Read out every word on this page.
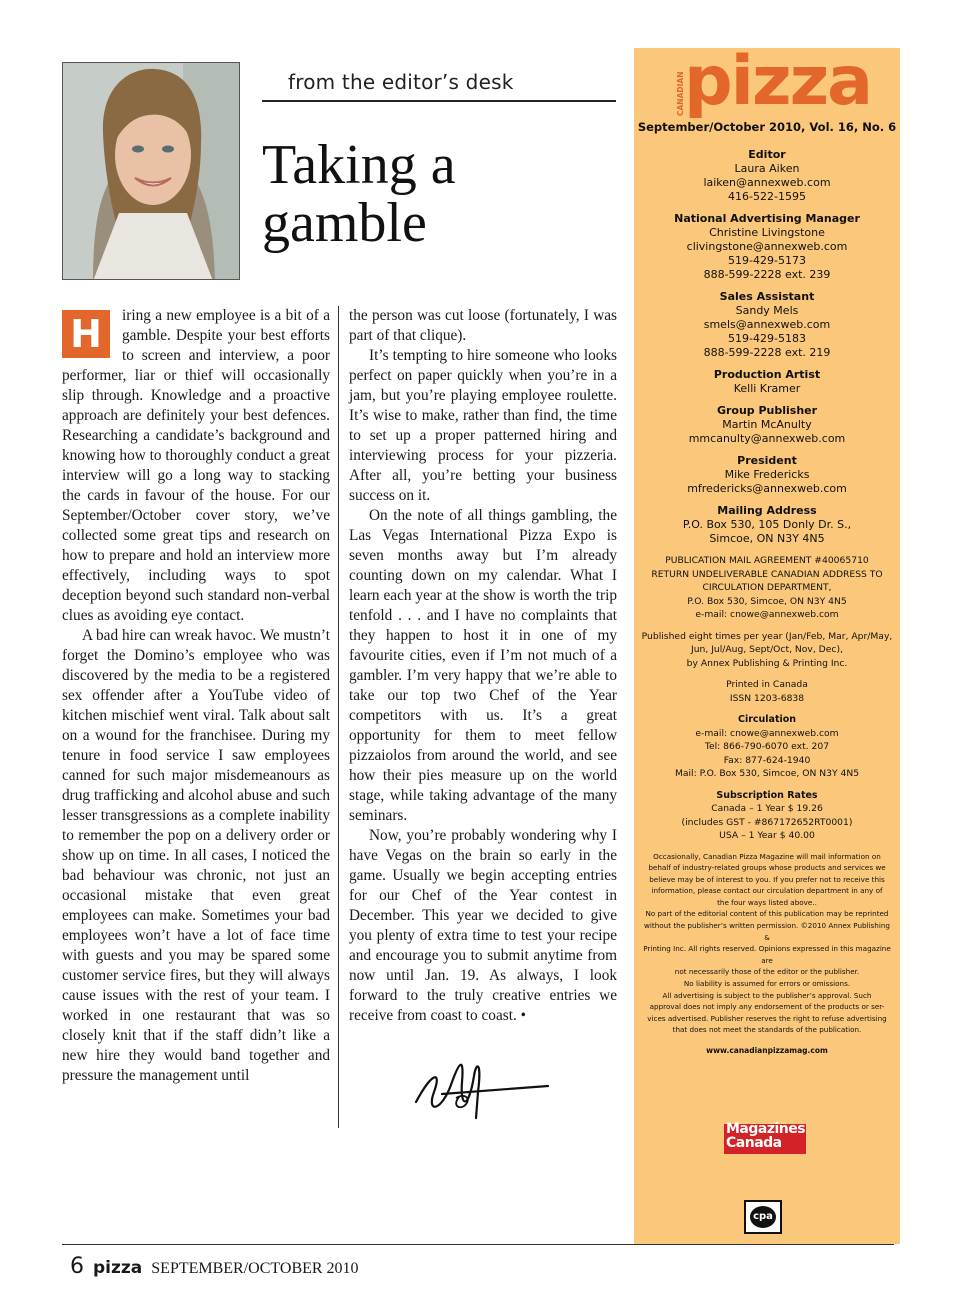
from the editor’s desk
Taking a gamble

H	iring a new employee is a bit of a gamble. Despite your best efforts to screen and interview, a poor performer, liar or thief will occasionally slip through. Knowledge and a proactive approach are definitely your best defences. Researching a candidate’s background and knowing how to thoroughly conduct a great interview will go a long way to stacking the cards in favour of the house. For our September/October cover story, we’ve collected some great tips and research on how to prepare and hold an interview more effectively, including ways to spot deception beyond such standard non-verbal clues as avoiding eye contact.

A bad hire can wreak havoc. We mustn’t forget the Domino’s employee who was discovered by the media to be a registered sex offender after a YouTube video of kitchen mischief went viral. Talk about salt on a wound for the franchisee. During my tenure in food service I saw employees canned for such major misdemeanours as drug trafficking and alcohol abuse and such lesser transgressions as a complete inability to remember the pop on a delivery order or show up on time. In all cases, I noticed the bad behaviour was chronic, not just an occasional mistake that even great employees can make. Sometimes your bad employees won’t have a lot of face time with guests and you may be spared some customer service fires, but they will always cause issues with the rest of your team. I worked in one restaurant that was so closely knit that if the staff didn’t like a new hire they would band together and pressure the management until

the person was cut loose (fortunately, I was part of that clique).

It’s tempting to hire someone who looks perfect on paper quickly when you’re in a jam, but you’re playing employee roulette. It’s wise to make, rather than find, the time to set up a proper patterned hiring and interviewing process for your pizzeria. After all, you’re betting your business success on it.

On the note of all things gambling, the Las Vegas International Pizza Expo is seven months away but I’m already counting down on my calendar. What I learn each year at the show is worth the trip tenfold . . . and I have no complaints that they happen to host it in one of my favourite cities, even if I’m not much of a gambler. I’m very happy that we’re able to take our top two Chef of the Year competitors with us. It’s a great opportunity for them to meet fellow pizzaiolos from around the world, and see how their pies measure up on the world stage, while taking advantage of the many seminars.

Now, you’re probably wondering why I have Vegas on the brain so early in the game. Usually we begin accepting entries for our Chef of the Year contest in December. This year we decided to give you plenty of extra time to test your recipe and encourage you to submit anytime from now until Jan. 19. As always, I look forward to the truly creative entries we receive from coast to coast. •

CANADIAN pizza
September/October 2010, Vol. 16, No. 6
Editor
Laura Aiken
laiken@annexweb.com
416-522-1595
National Advertising Manager
Christine Livingstone
clivingstone@annexweb.com
519-429-5173
888-599-2228 ext. 239
Sales Assistant
Sandy Mels
smels@annexweb.com
519-429-5183
888-599-2228 ext. 219
Production Artist
Kelli Kramer
Group Publisher
Martin McAnulty
mmcanulty@annexweb.com
President
Mike Fredericks
mfredericks@annexweb.com
Mailing Address
P.O. Box 530, 105 Donly Dr. S.,
Simcoe, ON N3Y 4N5
PUBLICATION MAIL AGREEMENT #40065710
RETURN UNDELIVERABLE CANADIAN ADDRESS TO
CIRCULATION DEPARTMENT,
P.O. Box 530, Simcoe, ON N3Y 4N5
e-mail: cnowe@annexweb.com
Published eight times per year (Jan/Feb, Mar, Apr/May,
Jun, Jul/Aug, Sept/Oct, Nov, Dec),
by Annex Publishing & Printing Inc.
Printed in Canada
ISSN 1203-6838
Circulation
e-mail: cnowe@annexweb.com
Tel: 866-790-6070 ext. 207
Fax: 877-624-1940
Mail: P.O. Box 530, Simcoe, ON N3Y 4N5
Subscription Rates
Canada – 1 Year $ 19.26
(includes GST - #867172652RT0001)
USA – 1 Year $ 40.00
Occasionally, Canadian Pizza Magazine will mail information on
behalf of industry-related groups whose products and services we
believe may be of interest to you. If you prefer not to receive this
information, please contact our circulation department in any of
the four ways listed above..
No part of the editorial content of this publication may be reprinted
without the publisher’s written permission. ©2010 Annex Publishing &
Printing Inc. All rights reserved. Opinions expressed in this magazine are
not necessarily those of the editor or the publisher.
No liability is assumed for errors or omissions.
All advertising is subject to the publisher’s approval. Such
approval does not imply any endorsement of the products or ser-
vices advertised. Publisher reserves the right to refuse advertising
that does not meet the standards of the publication.
www.canadianpizzamag.com
Magazines
Canada
cpa
6 pizza SEPTEMBER/OCTOBER 2010
